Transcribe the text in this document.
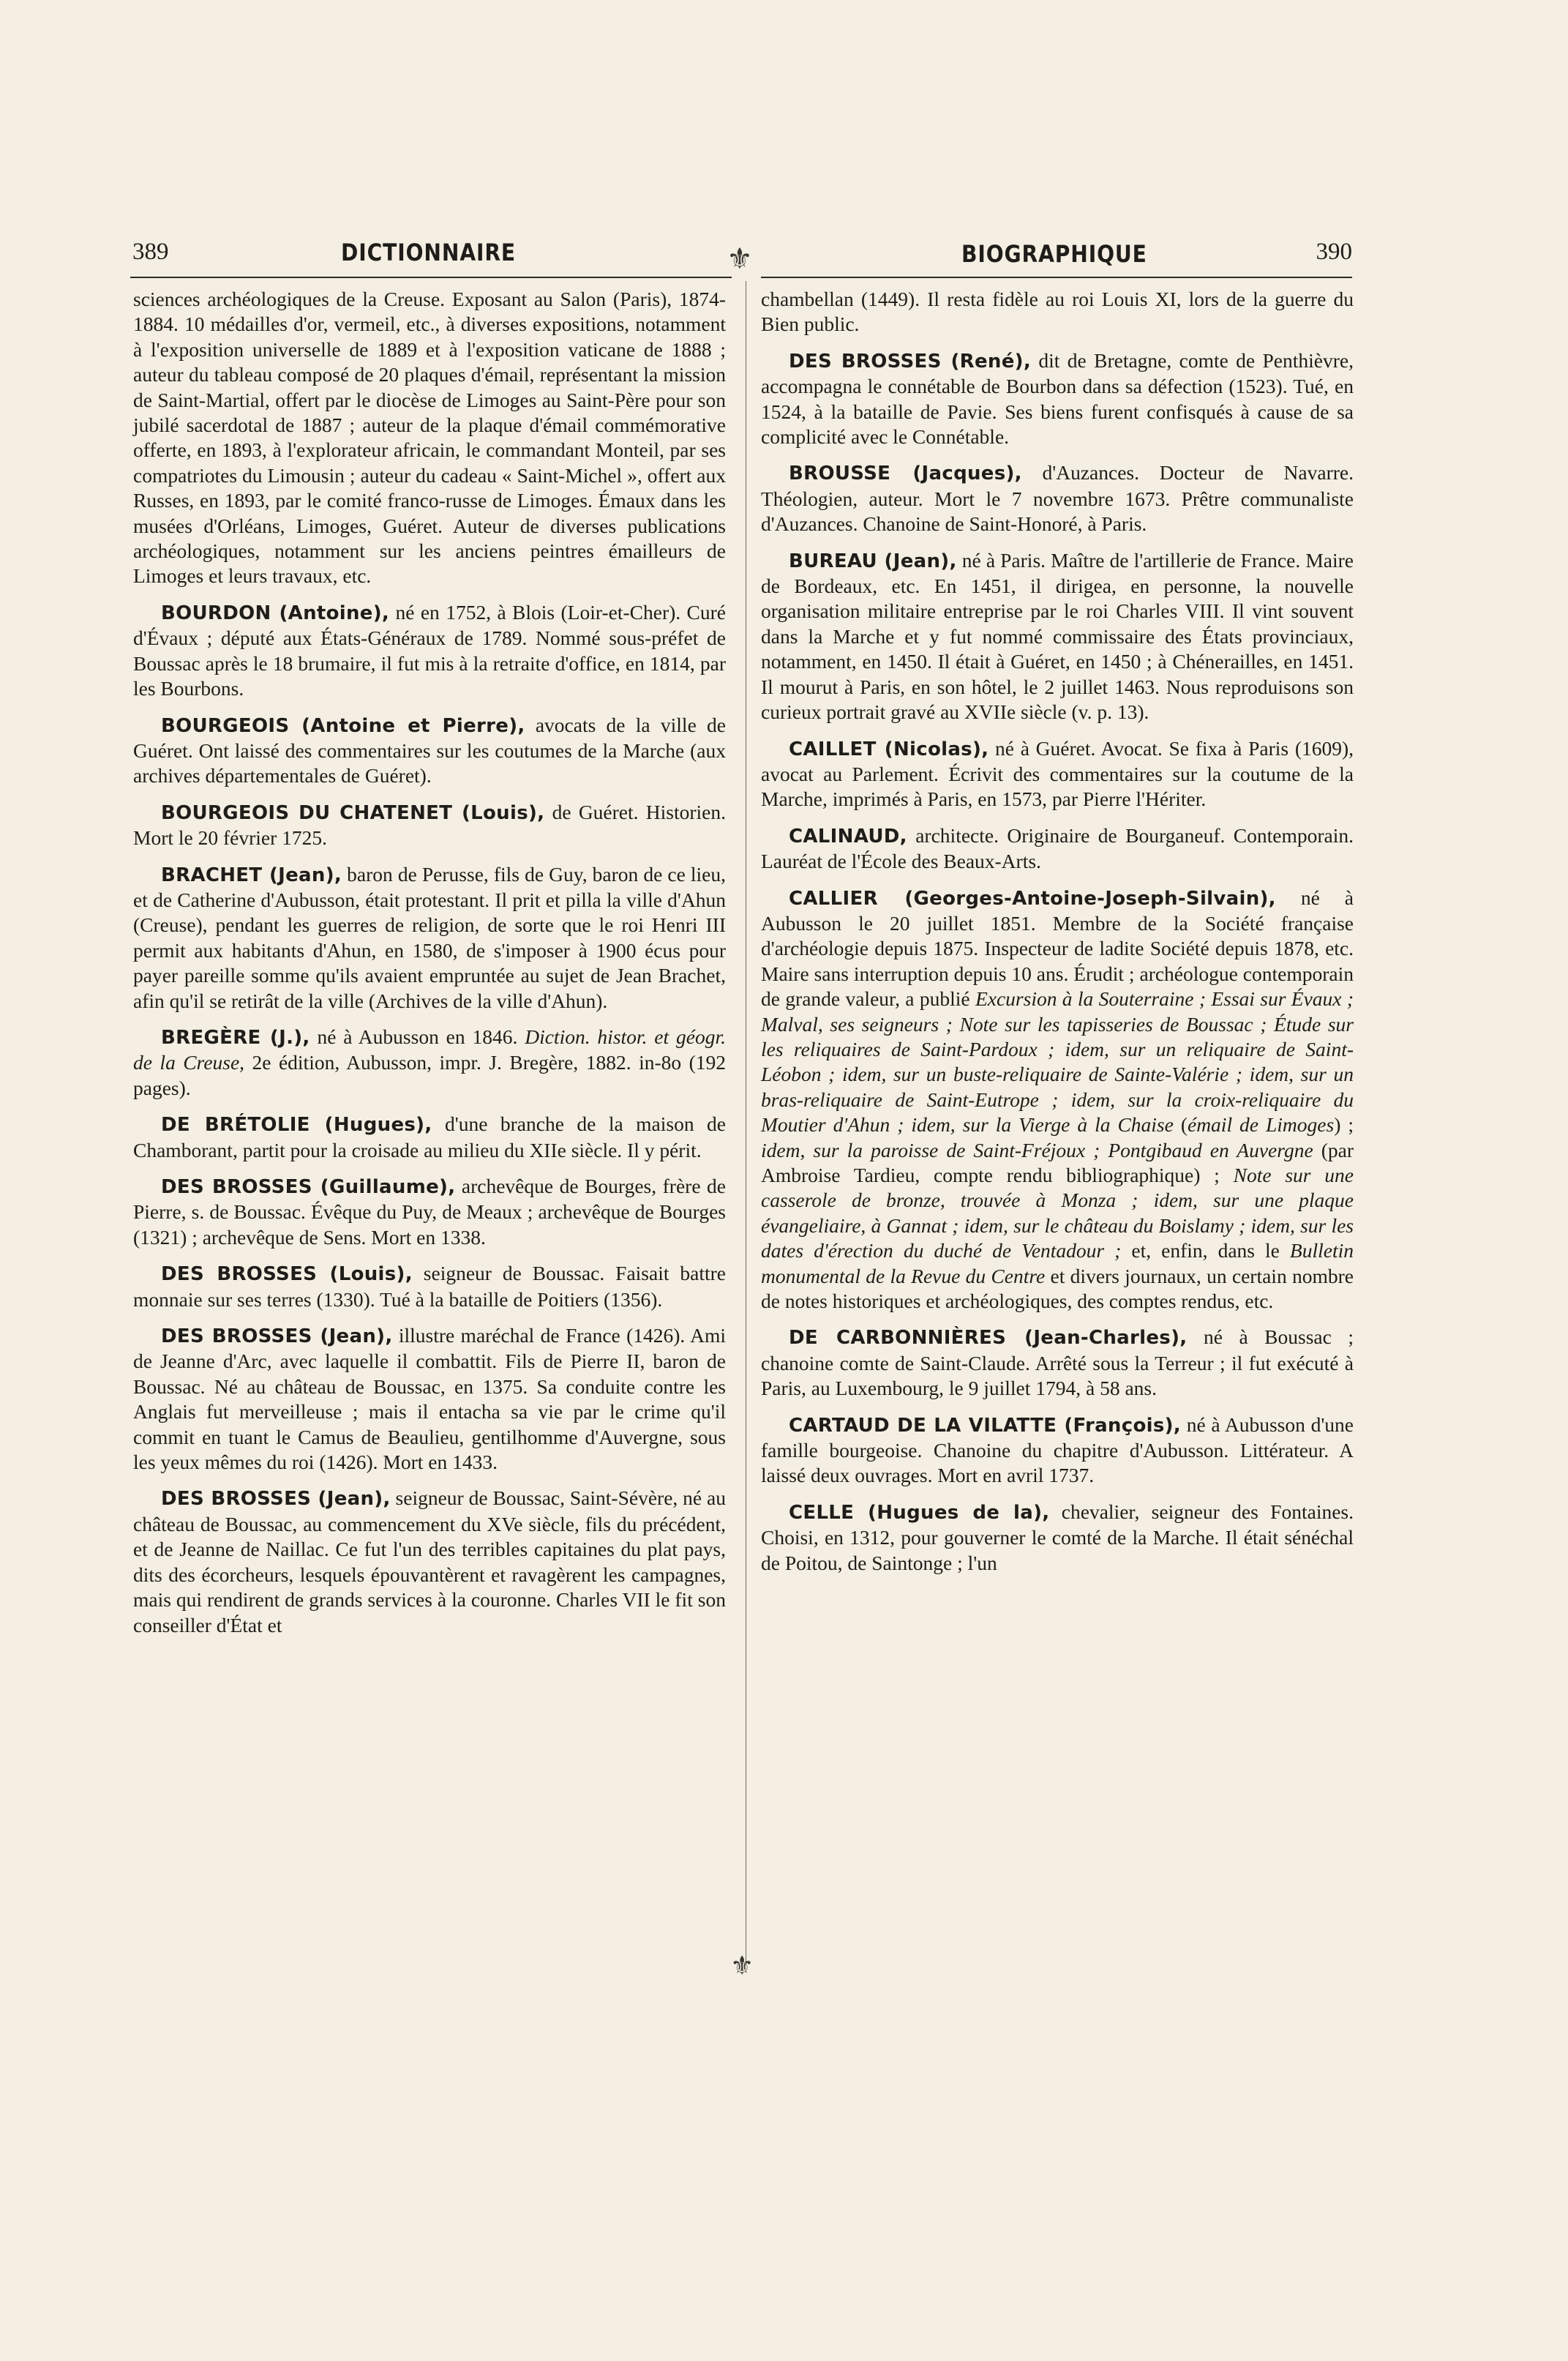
389	DICTIONNAIRE	BIOGRAPHIQUE	390
⚜
⚜

sciences archéologiques de la Creuse. Exposant au Salon (Paris), 1874-1884. 10 médailles d'or, vermeil, etc., à diverses expositions, notamment à l'exposition universelle de 1889 et à l'exposition vaticane de 1888 ; auteur du tableau composé de 20 plaques d'émail, représentant la mission de Saint-Martial, offert par le diocèse de Limoges au Saint-Père pour son jubilé sacerdotal de 1887 ; auteur de la plaque d'émail commémorative offerte, en 1893, à l'explorateur africain, le commandant Monteil, par ses compatriotes du Limousin ; auteur du cadeau « Saint-Michel », offert aux Russes, en 1893, par le comité franco-russe de Limoges. Émaux dans les musées d'Orléans, Limoges, Guéret. Auteur de diverses publications archéologiques, notamment sur les anciens peintres émailleurs de Limoges et leurs travaux, etc.

BOURDON (Antoine), né en 1752, à Blois (Loir-et-Cher). Curé d'Évaux ; député aux États-Généraux de 1789. Nommé sous-préfet de Boussac après le 18 brumaire, il fut mis à la retraite d'office, en 1814, par les Bourbons.

BOURGEOIS (Antoine et Pierre), avocats de la ville de Guéret. Ont laissé des commentaires sur les coutumes de la Marche (aux archives départementales de Guéret).

BOURGEOIS DU CHATENET (Louis), de Guéret. Historien. Mort le 20 février 1725.

BRACHET (Jean), baron de Perusse, fils de Guy, baron de ce lieu, et de Catherine d'Aubusson, était protestant. Il prit et pilla la ville d'Ahun (Creuse), pendant les guerres de religion, de sorte que le roi Henri III permit aux habitants d'Ahun, en 1580, de s'imposer à 1900 écus pour payer pareille somme qu'ils avaient empruntée au sujet de Jean Brachet, afin qu'il se retirât de la ville (Archives de la ville d'Ahun).

BREGÈRE (J.), né à Aubusson en 1846. Diction. histor. et géogr. de la Creuse, 2e édition, Aubusson, impr. J. Bregère, 1882. in-8o (192 pages).

DE BRÉTOLIE (Hugues), d'une branche de la maison de Chamborant, partit pour la croisade au milieu du XIIe siècle. Il y périt.

DES BROSSES (Guillaume), archevêque de Bourges, frère de Pierre, s. de Boussac. Évêque du Puy, de Meaux ; archevêque de Bourges (1321) ; archevêque de Sens. Mort en 1338.

DES BROSSES (Louis), seigneur de Boussac. Faisait battre monnaie sur ses terres (1330). Tué à la bataille de Poitiers (1356).

DES BROSSES (Jean), illustre maréchal de France (1426). Ami de Jeanne d'Arc, avec laquelle il combattit. Fils de Pierre II, baron de Boussac. Né au château de Boussac, en 1375. Sa conduite contre les Anglais fut merveilleuse ; mais il entacha sa vie par le crime qu'il commit en tuant le Camus de Beaulieu, gentilhomme d'Auvergne, sous les yeux mêmes du roi (1426). Mort en 1433.

DES BROSSES (Jean), seigneur de Boussac, Saint-Sévère, né au château de Boussac, au commencement du XVe siècle, fils du précédent, et de Jeanne de Naillac. Ce fut l'un des terribles capitaines du plat pays, dits des écorcheurs, lesquels épouvantèrent et ravagèrent les campagnes, mais qui rendirent de grands services à la couronne. Charles VII le fit son conseiller d'État et

chambellan (1449). Il resta fidèle au roi Louis XI, lors de la guerre du Bien public.

DES BROSSES (René), dit de Bretagne, comte de Penthièvre, accompagna le connétable de Bourbon dans sa défection (1523). Tué, en 1524, à la bataille de Pavie. Ses biens furent confisqués à cause de sa complicité avec le Connétable.

BROUSSE (Jacques), d'Auzances. Docteur de Navarre. Théologien, auteur. Mort le 7 novembre 1673. Prêtre communaliste d'Auzances. Chanoine de Saint-Honoré, à Paris.

BUREAU (Jean), né à Paris. Maître de l'artillerie de France. Maire de Bordeaux, etc. En 1451, il dirigea, en personne, la nouvelle organisation militaire entreprise par le roi Charles VIII. Il vint souvent dans la Marche et y fut nommé commissaire des États provinciaux, notamment, en 1450. Il était à Guéret, en 1450 ; à Chénerailles, en 1451. Il mourut à Paris, en son hôtel, le 2 juillet 1463. Nous reproduisons son curieux portrait gravé au XVIIe siècle (v. p. 13).

CAILLET (Nicolas), né à Guéret. Avocat. Se fixa à Paris (1609), avocat au Parlement. Écrivit des commentaires sur la coutume de la Marche, imprimés à Paris, en 1573, par Pierre l'Hériter.

CALINAUD, architecte. Originaire de Bourganeuf. Contemporain. Lauréat de l'École des Beaux-Arts.

CALLIER (Georges-Antoine-Joseph-Silvain), né à Aubusson le 20 juillet 1851. Membre de la Société française d'archéologie depuis 1875. Inspecteur de ladite Société depuis 1878, etc. Maire sans interruption depuis 10 ans. Érudit ; archéologue contemporain de grande valeur, a publié Excursion à la Souterraine ; Essai sur Évaux ; Malval, ses seigneurs ; Note sur les tapisseries de Boussac ; Étude sur les reliquaires de Saint-Pardoux ; idem, sur un reliquaire de Saint-Léobon ; idem, sur un buste-reliquaire de Sainte-Valérie ; idem, sur un bras-reliquaire de Saint-Eutrope ; idem, sur la croix-reliquaire du Moutier d'Ahun ; idem, sur la Vierge à la Chaise (émail de Limoges) ; idem, sur la paroisse de Saint-Fréjoux ; Pontgibaud en Auvergne (par Ambroise Tardieu, compte rendu bibliographique) ; Note sur une casserole de bronze, trouvée à Monza ; idem, sur une plaque évangeliaire, à Gannat ; idem, sur le château du Boislamy ; idem, sur les dates d'érection du duché de Ventadour ; et, enfin, dans le Bulletin monumental de la Revue du Centre et divers journaux, un certain nombre de notes historiques et archéologiques, des comptes rendus, etc.

DE CARBONNIÈRES (Jean-Charles), né à Boussac ; chanoine comte de Saint-Claude. Arrêté sous la Terreur ; il fut exécuté à Paris, au Luxembourg, le 9 juillet 1794, à 58 ans.

CARTAUD DE LA VILATTE (François), né à Aubusson d'une famille bourgeoise. Chanoine du chapitre d'Aubusson. Littérateur. A laissé deux ouvrages. Mort en avril 1737.

CELLE (Hugues de la), chevalier, seigneur des Fontaines. Choisi, en 1312, pour gouverner le comté de la Marche. Il était sénéchal de Poitou, de Saintonge ; l'un
